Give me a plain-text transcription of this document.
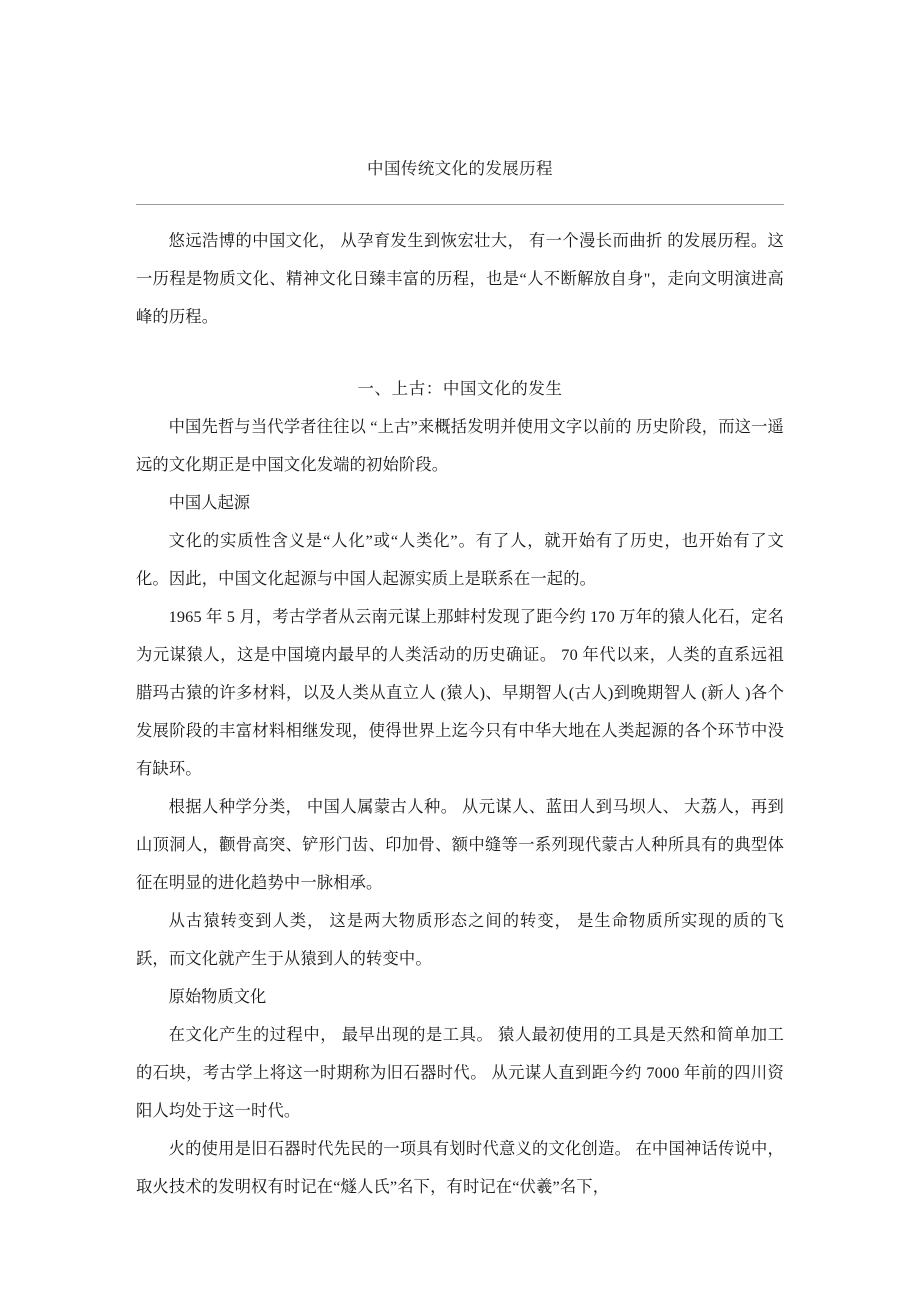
中国传统文化的发展历程

悠远浩博的中国文化， 从孕育发生到恢宏壮大， 有一个漫长而曲折 的发展历程。这一历程是物质文化、精神文化日臻丰富的历程，也是“人不断解放自身"，走向文明演进高峰的历程。

一、上古：中国文化的发生

中国先哲与当代学者往往以 “上古”来概括发明并使用文字以前的 历史阶段，而这一遥远的文化期正是中国文化发端的初始阶段。

中国人起源

文化的实质性含义是“人化”或“人类化”。有了人，就开始有了历史，也开始有了文化。因此，中国文化起源与中国人起源实质上是联系在一起的。

1965 年 5 月，考古学者从云南元谋上那蚌村发现了距今约 170 万年的猿人化石，定名为元谋猿人，这是中国境内最早的人类活动的历史确证。 70 年代以来，人类的直系远祖腊玛古猿的许多材料，以及人类从直立人 (猿人)、早期智人(古人)到晚期智人 (新人 )各个发展阶段的丰富材料相继发现，使得世界上迄今只有中华大地在人类起源的各个环节中没有缺环。

根据人种学分类， 中国人属蒙古人种。 从元谋人、蓝田人到马坝人、 大荔人，再到山顶洞人，颧骨高突、铲形门齿、印加骨、额中缝等一系列现代蒙古人种所具有的典型体征在明显的进化趋势中一脉相承。

从古猿转变到人类， 这是两大物质形态之间的转变， 是生命物质所实现的质的飞跃，而文化就产生于从猿到人的转变中。

原始物质文化

在文化产生的过程中， 最早出现的是工具。 猿人最初使用的工具是天然和简单加工的石块，考古学上将这一时期称为旧石器时代。 从元谋人直到距今约 7000 年前的四川资阳人均处于这一时代。

火的使用是旧石器时代先民的一项具有划时代意义的文化创造。 在中国神话传说中，取火技术的发明权有时记在“燧人氏”名下，有时记在“伏羲”名下，
